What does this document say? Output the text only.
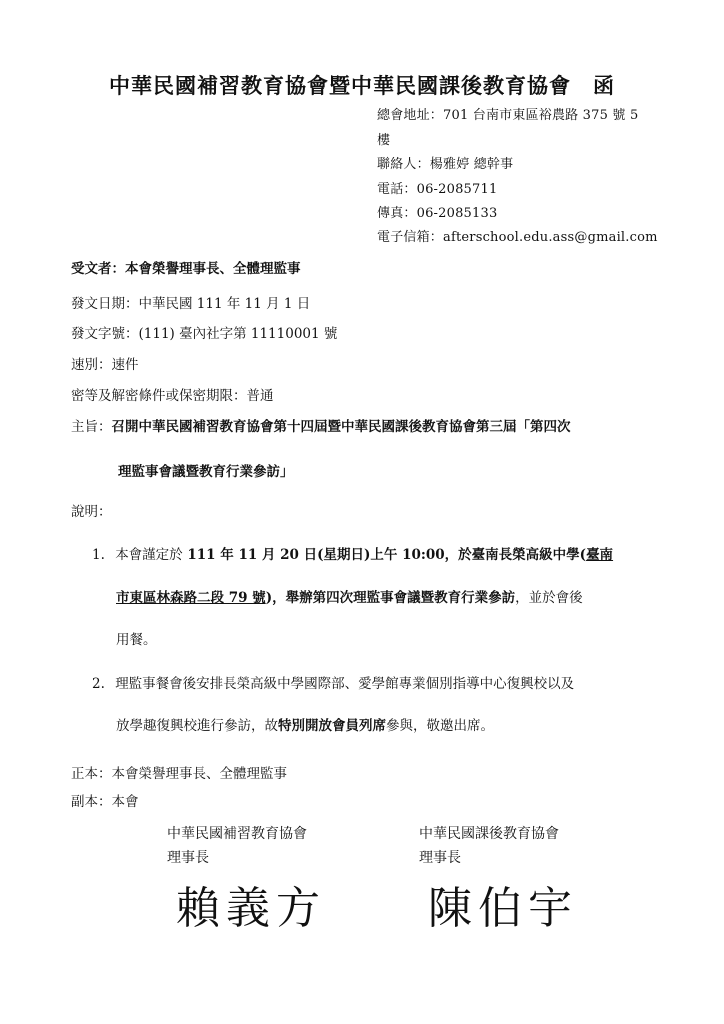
中華民國補習教育協會暨中華民國課後教育協會　函
總會地址：701 台南市東區裕農路 375 號 5
樓
聯絡人：楊雅婷 總幹事
電話：06-2085711
傳真：06-2085133
電子信箱：afterschool.edu.ass@gmail.com
受文者：本會榮譽理事長、全體理監事
發文日期：中華民國 111 年 11 月 1 日
發文字號：(111) 臺內社字第 11110001 號
速別：速件
密等及解密條件或保密期限：普通
主旨：召開中華民國補習教育協會第十四屆暨中華民國課後教育協會第三屆「第四次
理監事會議暨教育行業參訪」
說明：
1. 本會謹定於 111 年 11 月 20 日(星期日)上午 10:00，於臺南長榮高級中學(臺南
市東區林森路二段 79 號)，舉辦第四次理監事會議暨教育行業參訪，並於會後
用餐。
2. 理監事餐會後安排長榮高級中學國際部、愛學館專業個別指導中心復興校以及
放學趣復興校進行參訪，故特別開放會員列席參與，敬邀出席。
正本：本會榮譽理事長、全體理監事
副本：本會
中華民國補習教育協會
理事長
賴義方
中華民國課後教育協會
理事長
陳伯宇
